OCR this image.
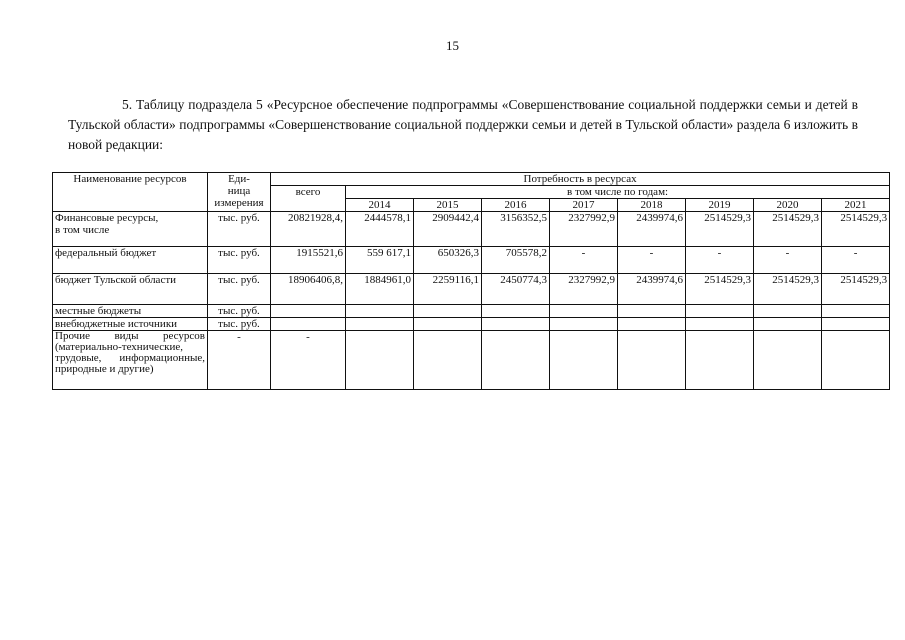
15

5. Таблицу подраздела 5 «Ресурсное обеспечение подпрограммы «Совершенствование социальной поддержки семьи и детей в Тульской области» подпрограммы «Совершенствование социальной поддержки семьи и детей в Тульской области» раздела 6 изложить в новой редакции:

Наименование ресурсов	Еди-
ница
измерения	Потребность в ресурсах								
		всего	в том числе по годам:							
			2014	2015	2016	2017	2018	2019	2020	2021
Финансовые ресурсы,
в том числе	тыс. руб.	20821928,4,	2444578,1	2909442,4	3156352,5	2327992,9	2439974,6	2514529,3	2514529,3	2514529,3
федеральный бюджет	тыс. руб.	1915521,6	559 617,1	650326,3	705578,2	-	-	-	-	-
бюджет Тульской области	тыс. руб.	18906406,8,	1884961,0	2259116,1	2450774,3	2327992,9	2439974,6	2514529,3	2514529,3	2514529,3
местные бюджеты	тыс. руб.									
внебюджетные источники	тыс. руб.									
Прочие виды ресурсов (материально-технические, трудовые, информационные, природные и другие)	-	-								
